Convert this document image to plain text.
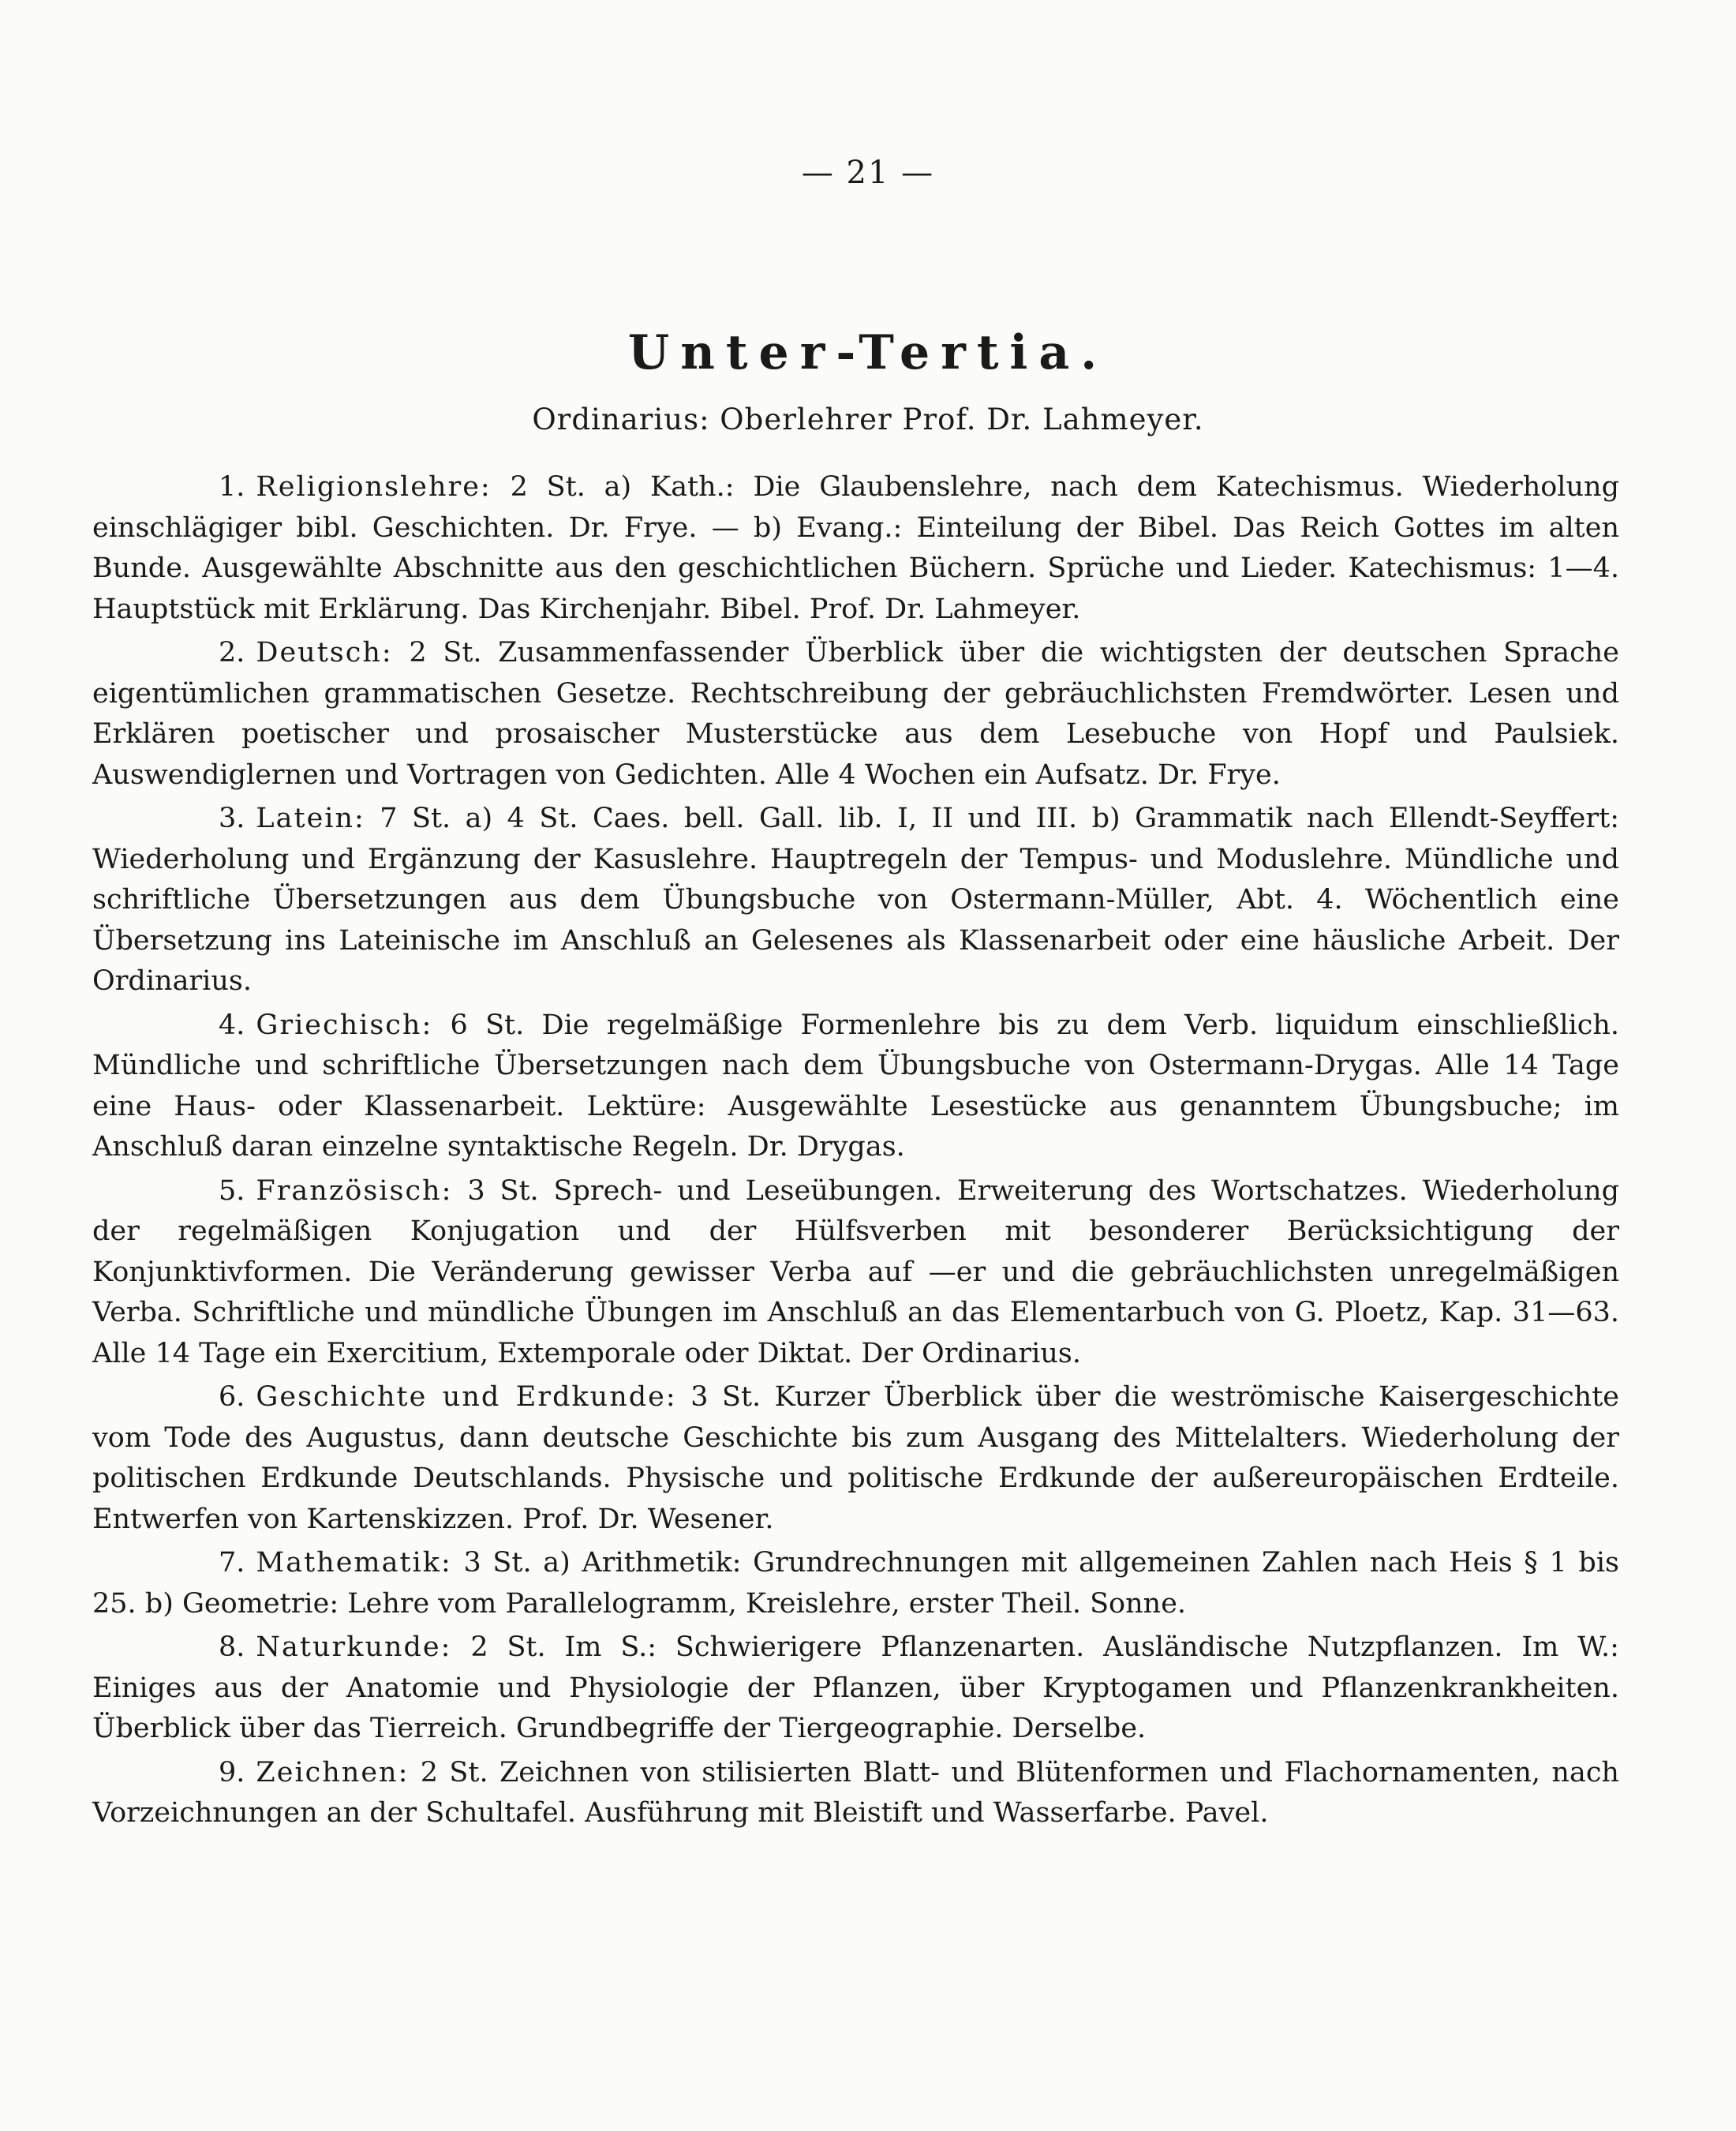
— 21 —
Unter-Tertia.
Ordinarius: Oberlehrer Prof. Dr. Lahmeyer.

1. Religionslehre: 2 St. a) Kath.: Die Glaubenslehre, nach dem Katechismus. Wiederholung einschlägiger bibl. Geschichten. Dr. Frye. — b) Evang.: Einteilung der Bibel. Das Reich Gottes im alten Bunde. Ausgewählte Abschnitte aus den geschichtlichen Büchern. Sprüche und Lieder. Katechismus: 1—4. Hauptstück mit Erklärung. Das Kirchenjahr. Bibel. Prof. Dr. Lahmeyer.

2. Deutsch: 2 St. Zusammenfassender Überblick über die wichtigsten der deutschen Sprache eigentümlichen grammatischen Gesetze. Rechtschreibung der gebräuchlichsten Fremdwörter. Lesen und Erklären poetischer und prosaischer Musterstücke aus dem Lesebuche von Hopf und Paulsiek. Auswendiglernen und Vortragen von Gedichten. Alle 4 Wochen ein Aufsatz. Dr. Frye.

3. Latein: 7 St. a) 4 St. Caes. bell. Gall. lib. I, II und III. b) Grammatik nach Ellendt-Seyffert: Wiederholung und Ergänzung der Kasuslehre. Hauptregeln der Tempus- und Moduslehre. Mündliche und schriftliche Übersetzungen aus dem Übungsbuche von Ostermann-Müller, Abt. 4. Wöchentlich eine Übersetzung ins Lateinische im Anschluß an Gelesenes als Klassenarbeit oder eine häusliche Arbeit. Der Ordinarius.

4. Griechisch: 6 St. Die regelmäßige Formenlehre bis zu dem Verb. liquidum einschließlich. Mündliche und schriftliche Übersetzungen nach dem Übungsbuche von Ostermann-Drygas. Alle 14 Tage eine Haus- oder Klassenarbeit. Lektüre: Ausgewählte Lesestücke aus genanntem Übungsbuche; im Anschluß daran einzelne syntaktische Regeln. Dr. Drygas.

5. Französisch: 3 St. Sprech- und Leseübungen. Erweiterung des Wortschatzes. Wiederholung der regelmäßigen Konjugation und der Hülfsverben mit besonderer Berücksichtigung der Konjunktivformen. Die Veränderung gewisser Verba auf —er und die gebräuchlichsten unregelmäßigen Verba. Schriftliche und mündliche Übungen im Anschluß an das Elementarbuch von G. Ploetz, Kap. 31—63. Alle 14 Tage ein Exercitium, Extemporale oder Diktat. Der Ordinarius.

6. Geschichte und Erdkunde: 3 St. Kurzer Überblick über die weströmische Kaisergeschichte vom Tode des Augustus, dann deutsche Geschichte bis zum Ausgang des Mittelalters. Wiederholung der politischen Erdkunde Deutschlands. Physische und politische Erdkunde der außereuropäischen Erdteile. Entwerfen von Kartenskizzen. Prof. Dr. Wesener.

7. Mathematik: 3 St. a) Arithmetik: Grundrechnungen mit allgemeinen Zahlen nach Heis § 1 bis 25. b) Geometrie: Lehre vom Parallelogramm, Kreislehre, erster Theil. Sonne.

8. Naturkunde: 2 St. Im S.: Schwierigere Pflanzenarten. Ausländische Nutzpflanzen. Im W.: Einiges aus der Anatomie und Physiologie der Pflanzen, über Kryptogamen und Pflanzenkrankheiten. Überblick über das Tierreich. Grundbegriffe der Tiergeographie. Derselbe.

9. Zeichnen: 2 St. Zeichnen von stilisierten Blatt- und Blütenformen und Flachornamenten, nach Vorzeichnungen an der Schultafel. Ausführung mit Bleistift und Wasserfarbe. Pavel.
